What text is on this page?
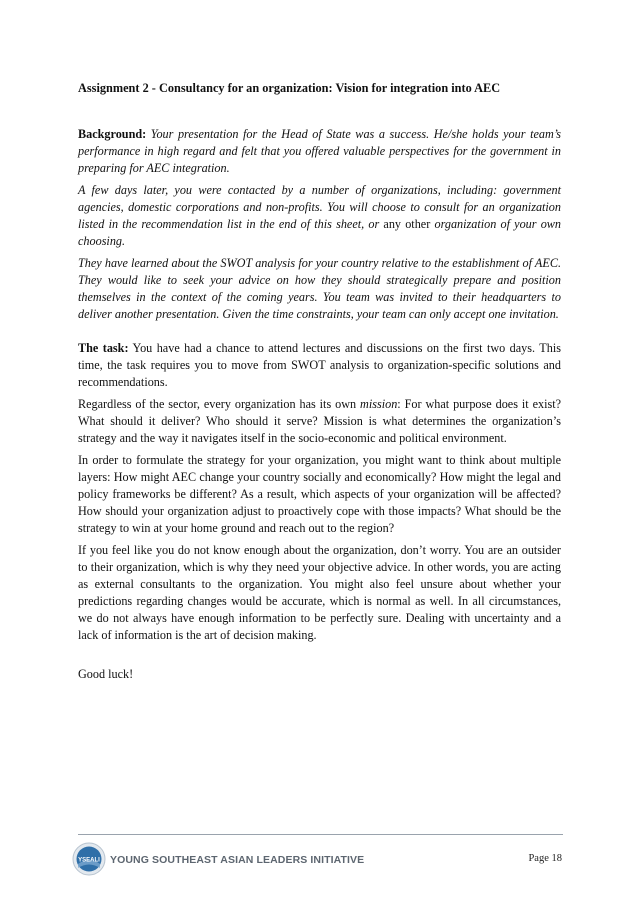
Assignment 2 - Consultancy for an organization: Vision for integration into AEC

Background: Your presentation for the Head of State was a success. He/she holds your team’s performance in high regard and felt that you offered valuable perspectives for the government in preparing for AEC integration.

A few days later, you were contacted by a number of organizations, including: government agencies, domestic corporations and non-profits. You will choose to consult for an organization listed in the recommendation list in the end of this sheet, or any other organization of your own choosing.

They have learned about the SWOT analysis for your country relative to the establishment of AEC. They would like to seek your advice on how they should strategically prepare and position themselves in the context of the coming years. You team was invited to their headquarters to deliver another presentation. Given the time constraints, your team can only accept one invitation.

The task: You have had a chance to attend lectures and discussions on the first two days. This time, the task requires you to move from SWOT analysis to organization-specific solutions and recommendations.

Regardless of the sector, every organization has its own mission: For what purpose does it exist? What should it deliver? Who should it serve? Mission is what determines the organization’s strategy and the way it navigates itself in the socio-economic and political environment.

In order to formulate the strategy for your organization, you might want to think about multiple layers: How might AEC change your country socially and economically? How might the legal and policy frameworks be different? As a result, which aspects of your organization will be affected? How should your organization adjust to proactively cope with those impacts? What should be the strategy to win at your home ground and reach out to the region?

If you feel like you do not know enough about the organization, don’t worry. You are an outsider to their organization, which is why they need your objective advice. In other words, you are acting as external consultants to the organization. You might also feel unsure about whether your predictions regarding changes would be accurate, which is normal as well. In all circumstances, we do not always have enough information to be perfectly sure. Dealing with uncertainty and a lack of information is the art of decision making.

Good luck!

YSEALI YOUNG SOUTHEAST ASIAN LEADERS INITIATIVE	Page 18
